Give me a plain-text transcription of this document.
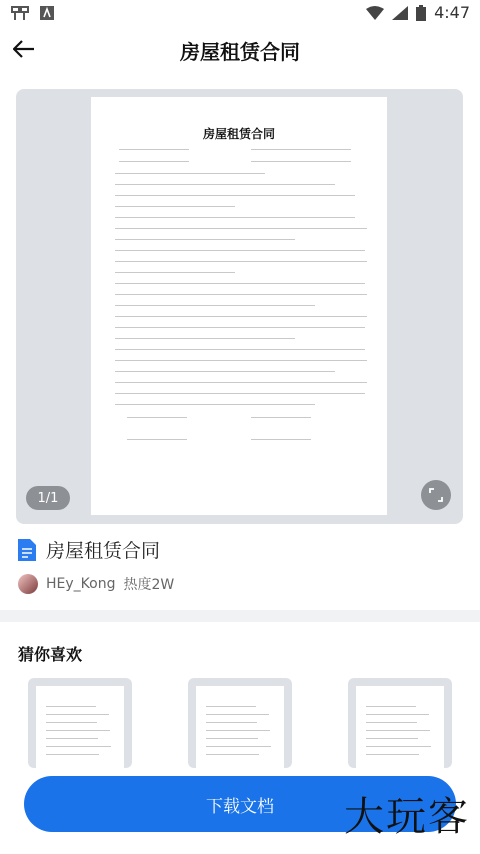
4:47
房屋租赁合同
房屋租赁合同
1/1
房屋租赁合同
HEy_Kong 热度2W
猜你喜欢
下载文档	大玩客
